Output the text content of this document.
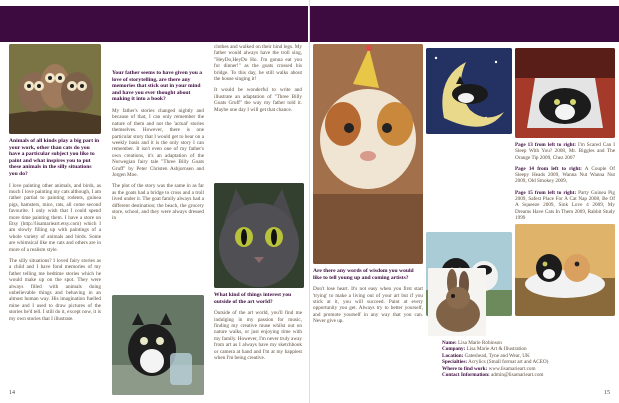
Animals of all kinds play a big part in your work, other than cats do you have a particular subject you like to paint and what inspires you to put these animals in the silly situations you do?

I love painting other animals, and birds, as much I love painting my cats although, I am rather partial to painting rodents, guinea pigs, hamsters, mice, rats, all come second favourite. I only wish that I could spend more time painting them. I have a store on Etsy (http://lisamarieart.etsy.com) which I am slowly filling up with paintings of a whole variety of animals and birds. Some are whimsical like me cats and others are in more of a realism style.

The silly situations? I loved fairy stories as a child and I have fond memories of my father telling me bedtime stories which he would make up on the spot. They were always filled with animals doing unbelievable things and behaving in an almost human way. His imagination fuelled mine and I used to draw pictures of the stories he'd tell. I still do it, except now, it is my own stories that I illustrate.

Your father seems to have given you a love of storytelling, are there any memories that stick out in your mind and have you ever thought about making it into a book?

My father's stories changed nightly and because of that, I can only remember the nature of them and not the 'actual' stories themselves. However, there is one particular story that I would get to hear on a weekly basis and it is the only story I can remember. It isn't even one of my father's own creations, it's an adaptation of the Norwegian fairy tale "Three Billy Goats Gruff" by Peter Christen Asbjornsen and Jorgen Moe.

The plot of the story was the same in as far as the goats had a bridge to cross and a troll lived under it. The goat family always had a different destination; the beach, the grocery store, school, and they were always dressed in

clothes and walked on their hind legs. My father would always have the troll sing, "HeyDo,HeyDo Ho. I'm gonna eat you for dinner!" as the goats crossed his bridge. To this day, he still walks about the house singing it!

It would be wonderful to write and illustrate an adaptation of "Three Billy Goats Gruff" the way my father told it. Maybe one day I will get that chance.

What kind of things interest you outside of the art world?

Outside of the art world, you'll find me indulging in my passion for music, finding my creative muse whilst out on nature walks, or just enjoying time with my family. However, I'm never truly away from art as I always have my sketchbook or camera at hand and I'm at my happiest when I'm being creative.

14
Are there any words of wisdom you would like to tell young up and coming artists?

Don't lose heart. It's not easy when you first start 'trying' to make a living out of your art but if you stick at it, you will succeed. Paint at every opportunity you get. Always try to better yourself, and promote yourself in any way that you can. Never give up.

Page 13 from left to right: I'm Scared Can I Sleep With You? 2008, Mr. Biggles and The Orange Tip 2009, Chez 2007
Page 14 from left to right: A Couple Of Sleepy Heads 2009, Wanna Nut Wanna Nut 2009, Old Smokey 2009,
Page 15 from left to right: Party Guinea Pig 2009, Safest Place For A Cat Nap 2008, Be Of A Squeeze 2009, Sink Love 4 2009, My Dreams Have Cats In Them 2009, Rabbit Study 1999
Name: Lisa Marie Robinson
Company: Lisa Marie Art & Illustration
Location: Gateshead, Tyne and Wear, UK
Specialties: Acrylics (Small format art and ACEO)
Where to find work: www.lisamarieart.com
Contact Information: admin@lisamarieart.com
15
